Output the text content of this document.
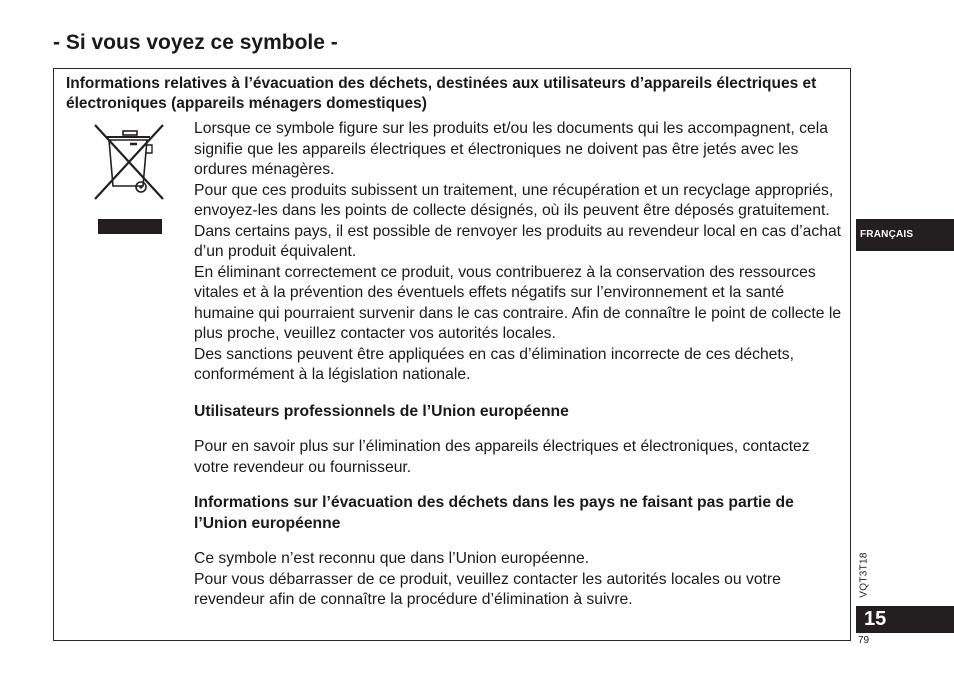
- Si vous voyez ce symbole -
Informations relatives à l’évacuation des déchets, destinées aux utilisateurs d’appareils électriques et électroniques (appareils ménagers domestiques)

Lorsque ce symbole figure sur les produits et/ou les documents qui les accompagnent, cela signifie que les appareils électriques et électroniques ne doivent pas être jetés avec les ordures ménagères.

Pour que ces produits subissent un traitement, une récupération et un recyclage appropriés, envoyez-les dans les points de collecte désignés, où ils peuvent être déposés gratuitement. Dans certains pays, il est possible de renvoyer les produits au revendeur local en cas d’achat d’un produit équivalent.

En éliminant correctement ce produit, vous contribuerez à la conservation des ressources vitales et à la prévention des éventuels effets négatifs sur l’environnement et la santé humaine qui pourraient survenir dans le cas contraire. Afin de connaître le point de collecte le plus proche, veuillez contacter vos autorités locales.

Des sanctions peuvent être appliquées en cas d’élimination incorrecte de ces déchets, conformément à la législation nationale.

Utilisateurs professionnels de l’Union européenne

Pour en savoir plus sur l’élimination des appareils électriques et électroniques, contactez votre revendeur ou fournisseur.

Informations sur l’évacuation des déchets dans les pays ne faisant pas partie de l’Union européenne

Ce symbole n’est reconnu que dans l’Union européenne.

Pour vous débarrasser de ce produit, veuillez contacter les autorités locales ou votre revendeur afin de connaître la procédure d’élimination à suivre.

FRANÇAIS
VQT3T18
15
79
